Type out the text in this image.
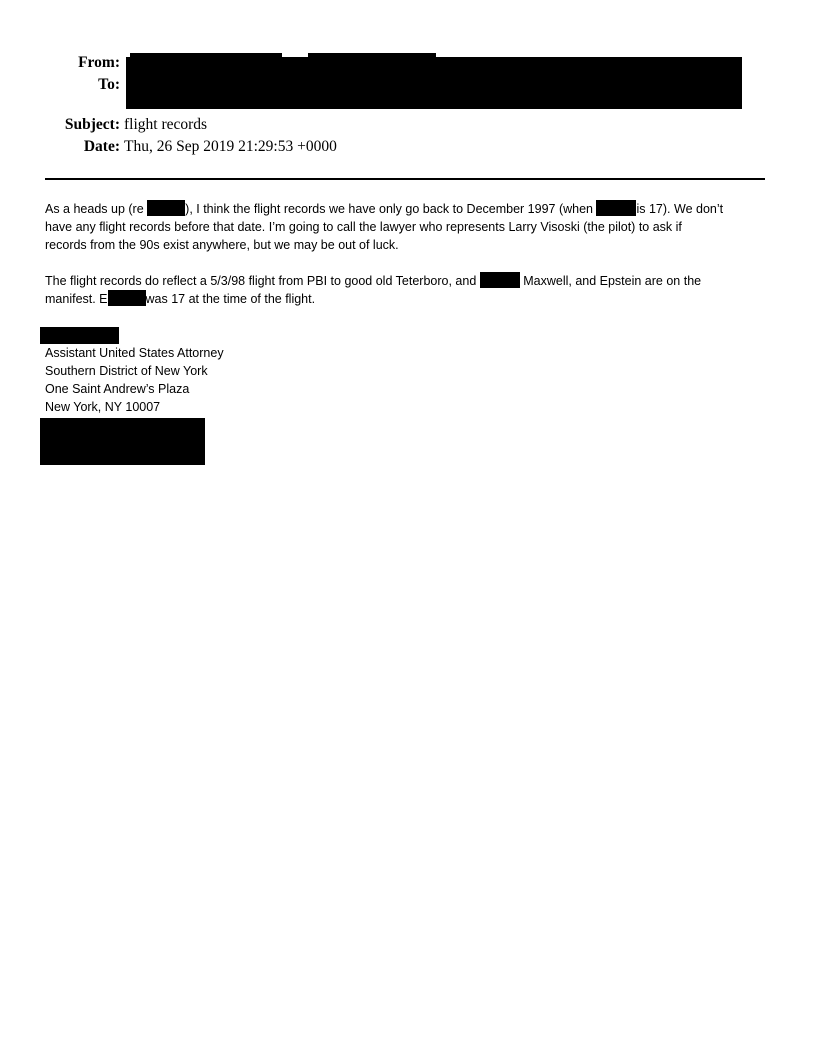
From:
To:
Subject: flight records
Date: Thu, 26 Sep 2019 21:29:53 +0000
As a heads up (re	), I think the flight records we have only go back to December 1997 (when	is 17). We don’t
have any flight records before that date. I’m going to call the lawyer who represents Larry Visoski (the pilot) to ask if
records from the 90s exist anywhere, but we may be out of luck.
The flight records do reflect a 5/3/98 flight from PBI to good old Teterboro, and	Maxwell, and Epstein are on the
manifest. E	was 17 at the time of the flight.
Assistant United States Attorney
Southern District of New York
One Saint Andrew’s Plaza
New York, NY 10007
